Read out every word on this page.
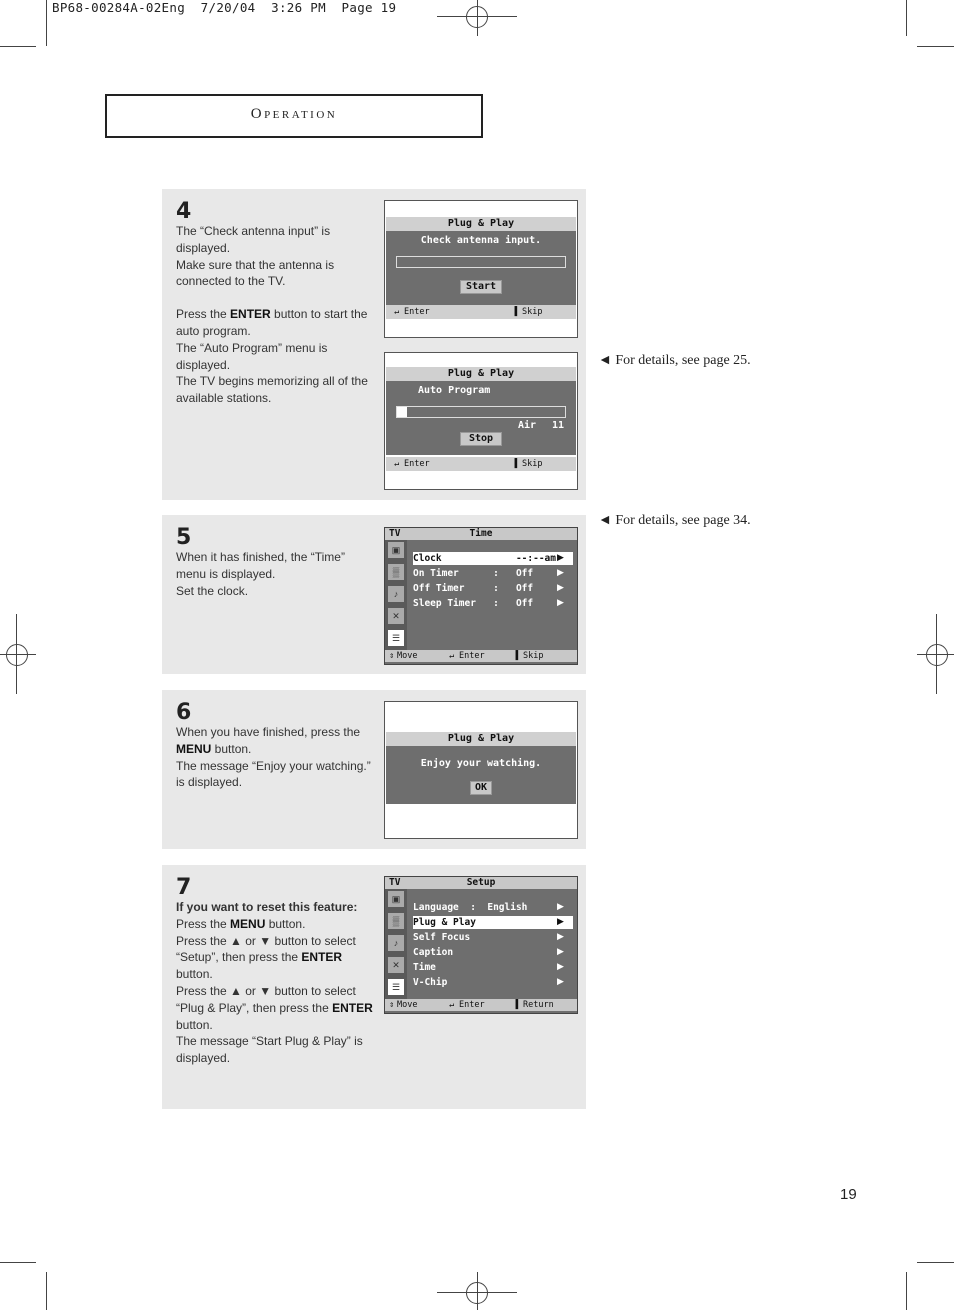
BP68-00284A-02Eng  7/20/04  3:26 PM  Page 19
Operation
4

The “Check antenna input” is displayed.

Make sure that the antenna is connected to the TV.

Press the ENTER button to start the auto program.

The “Auto Program” menu is displayed.

The TV begins memorizing all of the available stations.

Plug & Play
Check antenna input.
Start
↵ Enter	▐ Skip
Plug & Play
Auto Program
Air 11
Stop
↵ Enter	▐ Skip
◄ For details, see page 25.
◄ For details, see page 34.
5

When it has finished, the “Time” menu is displayed.

Set the clock.

TV	Time
▣
▒
♪
✕
☰
Clock             --:--am ▶
On Timer      :   Off	▶
Off Timer     :   Off	▶
Sleep Timer   :   Off	▶
⇕ Move	↵ Enter	▐ Skip
6

When you have finished, press the MENU button.

The message “Enjoy your watching.” is displayed.

Plug & Play
Enjoy your watching.
OK
7

If you want to reset this feature:

Press the MENU button.

Press the ▲ or ▼ button to select “Setup”, then press the ENTER button.

Press the ▲ or ▼ button to select “Plug & Play”, then press the ENTER button.

The message “Start Plug & Play” is displayed.

TV	Setup
▣
▒
♪
✕
☰
Language  :  English	▶
Plug & Play	▶
Self Focus	▶
Caption	▶
Time	▶
V-Chip	▶
⇕ Move	↵ Enter	▐ Return
19
